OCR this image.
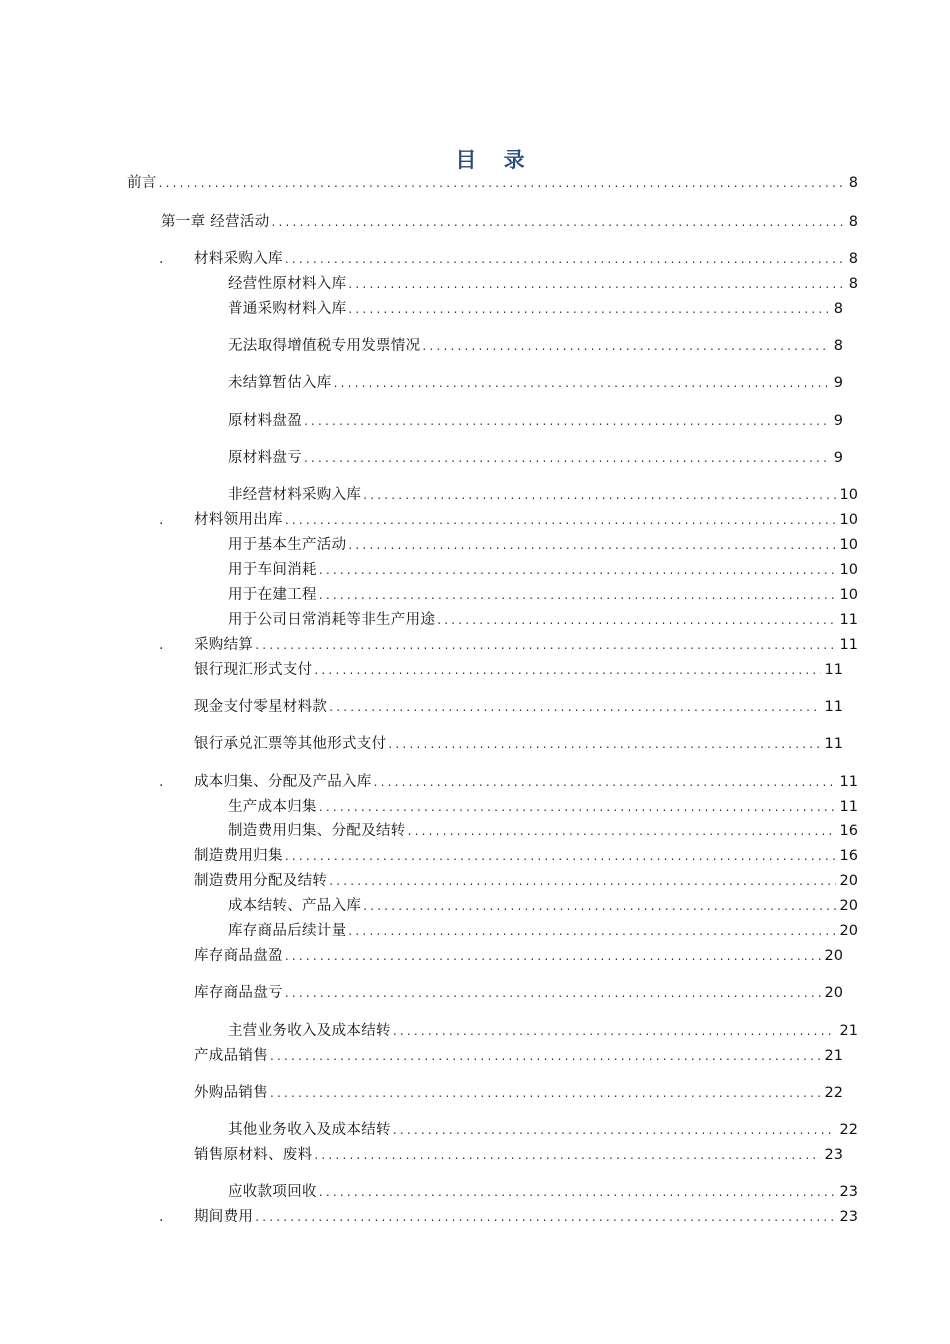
目 录
前言 .....	8
第一章 经营活动 .....	8
. 材料采购入库 .....	8
经营性原材料入库 .....	8
普通采购材料入库 .....	8
无法取得增值税专用发票情况 .....	8
未结算暂估入库 .....	9
原材料盘盈 .....	9
原材料盘亏 .....	9
非经营材料采购入库 .....	10
. 材料领用出库 .....	10
用于基本生产活动 .....	10
用于车间消耗 .....	10
用于在建工程 .....	10
用于公司日常消耗等非生产用途 .....	11
. 采购结算 .....	11
银行现汇形式支付 .....	11
现金支付零星材料款 .....	11
银行承兑汇票等其他形式支付 .....	11
. 成本归集、分配及产品入库 .....	11
生产成本归集 .....	11
制造费用归集、分配及结转 .....	16
制造费用归集 .....	16
制造费用分配及结转 .....	20
成本结转、产品入库 .....	20
库存商品后续计量 .....	20
库存商品盘盈 .....	20
库存商品盘亏 .....	20
主营业务收入及成本结转 .....	21
产成品销售 .....	21
外购品销售 .....	22
其他业务收入及成本结转 .....	22
销售原材料、废料 .....	23
应收款项回收 .....	23
. 期间费用 .....	23
